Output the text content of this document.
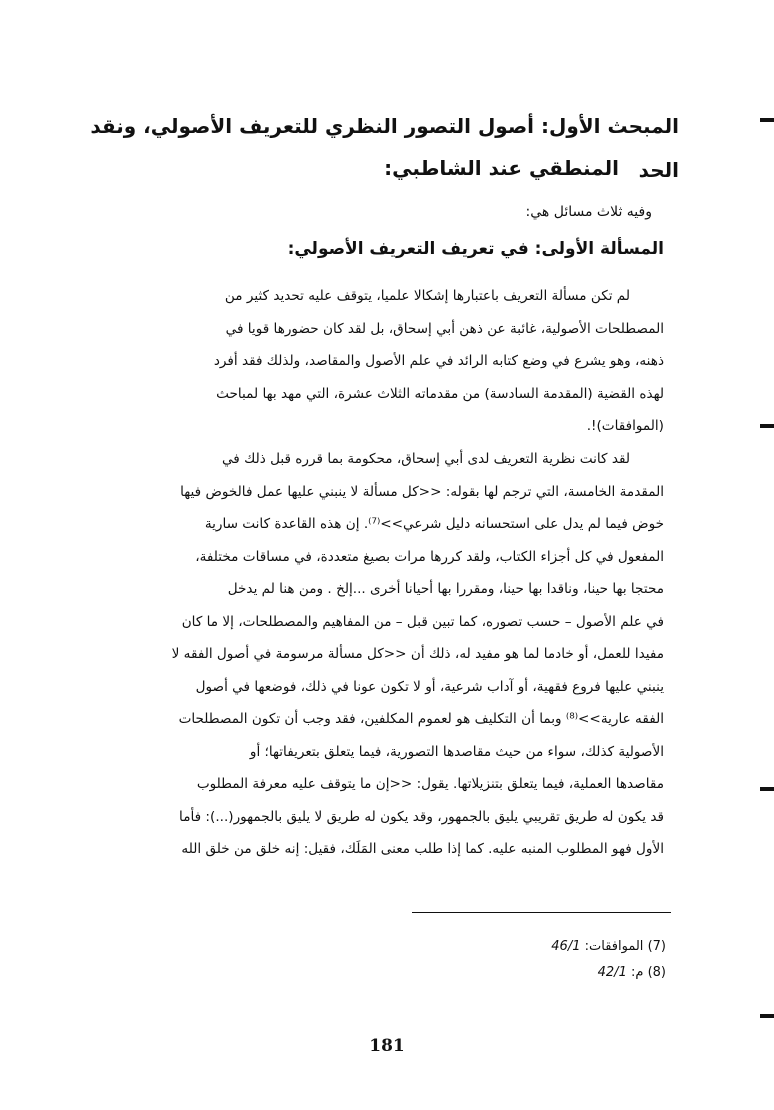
المبحث الأول: أصول التصور النظري للتعريف الأصولي، ونقد الحد
المنطقي عند الشاطبي:
وفيه ثلاث مسائل هي:
المسألة الأولى: في تعريف التعريف الأصولي:
لم تكن مسألة التعريف باعتبارها إشكالا علميا، يتوقف عليه تحديد كثير من
المصطلحات الأصولية، غائبة عن ذهن أبي إسحاق، بل لقد كان حضورها قويا في
ذهنه، وهو يشرع في وضع كتابه الرائد في علم الأصول والمقاصد، ولذلك فقد أفرد
لهذه القضية (المقدمة السادسة) من مقدماته الثلاث عشرة، التي مهد بها لمباحث
(الموافقات)!.
لقد كانت نظرية التعريف لدى أبي إسحاق، محكومة بما قرره قبل ذلك في
المقدمة الخامسة، التي ترجم لها بقوله: <<كل مسألة لا ينبني عليها عمل فالخوض فيها
خوض فيما لم يدل على استحسانه دليل شرعي>>⁽⁷⁾. إن هذه القاعدة كانت سارية
المفعول في كل أجزاء الكتاب، ولقد كررها مرات بصيغ متعددة، في مساقات مختلفة،
محتجا بها حينا، وناقدا بها حينا، ومقررا بها أحيانا أخرى ...إلخ . ومن هنا لم يدخل
في علم الأصول – حسب تصوره، كما تبين قبل – من المفاهيم والمصطلحات، إلا ما كان
مفيدا للعمل، أو خادما لما هو مفيد له، ذلك أن <<كل مسألة مرسومة في أصول الفقه لا
ينبني عليها فروع فقهية، أو آداب شرعية، أو لا تكون عونا في ذلك، فوضعها في أصول
الفقه عارية>>⁽⁸⁾ وبما أن التكليف هو لعموم المكلفين، فقد وجب أن تكون المصطلحات
الأصولية كذلك، سواء من حيث مقاصدها التصورية، فيما يتعلق بتعريفاتها؛ أو
مقاصدها العملية، فيما يتعلق بتنزيلاتها. يقول: <<إن ما يتوقف عليه معرفة المطلوب
قد يكون له طريق تقريبي يليق بالجمهور، وقد يكون له طريق لا يليق بالجمهور(...): فأما
الأول فهو المطلوب المنبه عليه. كما إذا طلب معنى المَلَك، فقيل: إنه خلق من خلق الله
(7) الموافقات: 46/1
(8) م: 42/1
181
